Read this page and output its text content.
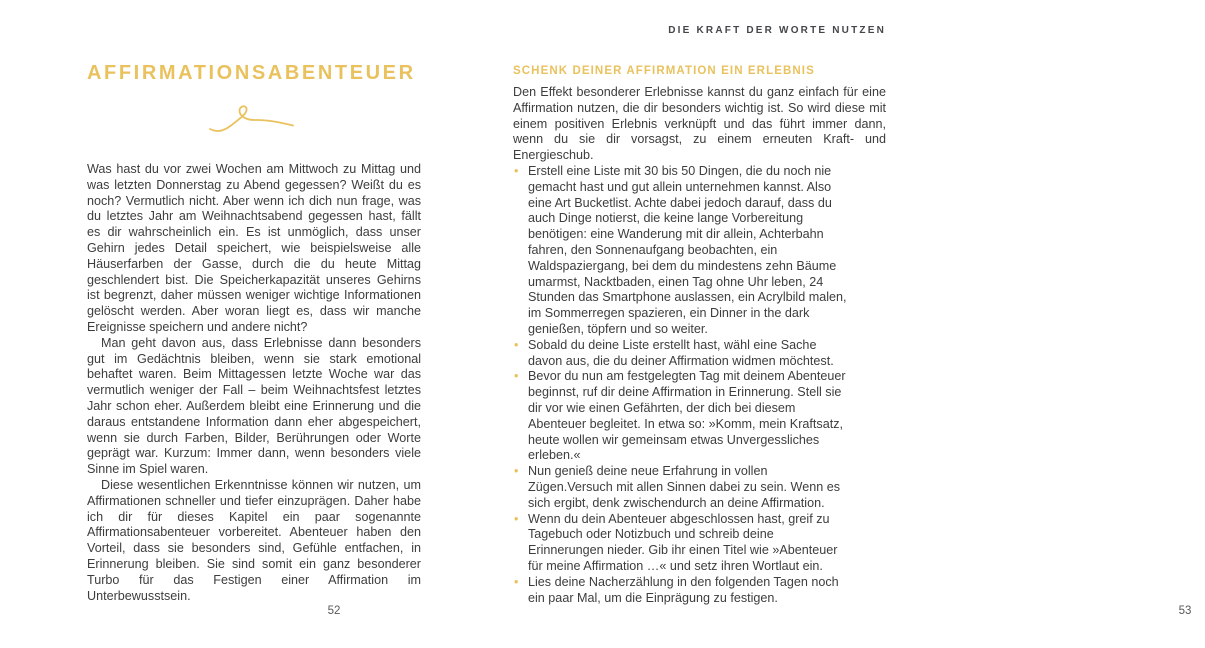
AFFIRMATIONSABENTEUER

Was hast du vor zwei Wochen am Mittwoch zu Mittag und was letzten Donnerstag zu Abend gegessen? Weißt du es noch? Vermutlich nicht. Aber wenn ich dich nun frage, was du letztes Jahr am Weihnachtsabend gegessen hast, fällt es dir wahrscheinlich ein. Es ist unmöglich, dass unser Gehirn jedes Detail speichert, wie beispielsweise alle Häuserfarben der Gasse, durch die du heute Mittag geschlendert bist. Die Speicherkapazität unseres Gehirns ist begrenzt, daher müssen weniger wichtige Informationen gelöscht werden. Aber woran liegt es, dass wir manche Ereignisse speichern und andere nicht?

Man geht davon aus, dass Erlebnisse dann besonders gut im Gedächtnis bleiben, wenn sie stark emotional behaftet waren. Beim Mittagessen letzte Woche war das vermutlich weniger der Fall – beim Weihnachtsfest letztes Jahr schon eher. Außerdem bleibt eine Erinnerung und die daraus entstandene Information dann eher abgespeichert, wenn sie durch Farben, Bilder, Berührungen oder Worte geprägt war. Kurzum: Immer dann, wenn besonders viele Sinne im Spiel waren.

Diese wesentlichen Erkenntnisse können wir nutzen, um Affirmationen schneller und tiefer einzuprägen. Daher habe ich dir für dieses Kapitel ein paar sogenannte Affirmationsabenteuer vorbereitet. Abenteuer haben den Vorteil, dass sie besonders sind, Gefühle entfachen, in Erinnerung bleiben. Sie sind somit ein ganz besonderer Turbo für das Festigen einer Affirmation im Unterbewusstsein.

52
DIE KRAFT DER WORTE NUTZEN
SCHENK DEINER AFFIRMATION EIN ERLEBNIS

Den Effekt besonderer Erlebnisse kannst du ganz einfach für eine Affirmation nutzen, die dir besonders wichtig ist. So wird diese mit einem positiven Erlebnis verknüpft und das führt immer dann, wenn du sie dir vorsagst, zu einem erneuten Kraft- und Energieschub.

• Erstell eine Liste mit 30 bis 50 Dingen, die du noch nie gemacht hast und gut allein unternehmen kannst. Also eine Art Bucketlist. Achte dabei jedoch darauf, dass du auch Dinge notierst, die keine lange Vorbereitung benötigen: eine Wanderung mit dir allein, Achterbahn fahren, den Sonnenaufgang beobachten, ein Waldspaziergang, bei dem du mindestens zehn Bäume umarmst, Nacktbaden, einen Tag ohne Uhr leben, 24 Stunden das Smartphone auslassen, ein Acrylbild malen, im Sommerregen spazieren, ein Dinner in the dark genießen, töpfern und so weiter.
• Sobald du deine Liste erstellt hast, wähl eine Sache davon aus, die du deiner Affirmation widmen möchtest.
• Bevor du nun am festgelegten Tag mit deinem Abenteuer beginnst, ruf dir deine Affirmation in Erinnerung. Stell sie dir vor wie einen Gefährten, der dich bei diesem Abenteuer begleitet. In etwa so: »Komm, mein Kraftsatz, heute wollen wir gemeinsam etwas Unvergessliches erleben.«
• Nun genieß deine neue Erfahrung in vollen Zügen.Versuch mit allen Sinnen dabei zu sein. Wenn es sich ergibt, denk zwischendurch an deine Affirmation.
• Wenn du dein Abenteuer abgeschlossen hast, greif zu Tagebuch oder Notizbuch und schreib deine Erinnerungen nieder. Gib ihr einen Titel wie »Abenteuer für meine Affirmation …« und setz ihren Wortlaut ein.
• Lies deine Nacherzählung in den folgenden Tagen noch ein paar Mal, um die Einprägung zu festigen.
53
